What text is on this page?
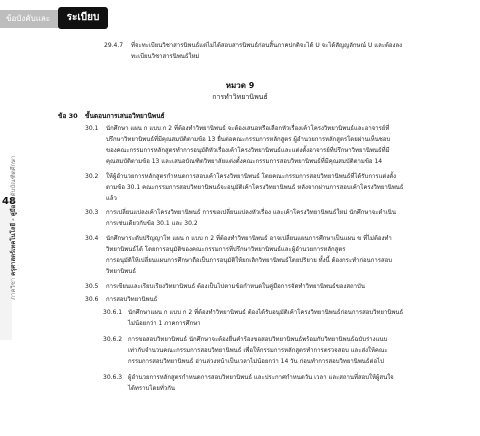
ข้อบังคับและ	ระเบียบ
48
ภาควิชา ครุศาสตร์เทคโนโลยี - คู่มือ ระดับบัณฑิตศึกษา
29.4.7 ที่จะทะเบียนวิชาสารนิพนธ์แต่ไม่ได้สอบสารนิพนธ์ก่อนสิ้นภาคปกติจะได้ U จะได้สัญญลักษณ์ U และต้องลง
ทะเบียนวิชาสารนิพนธ์ใหม่
หมวด 9
การทำวิทยานิพนธ์
ข้อ 30 ขั้นตอนการเสนอวิทยานิพนธ์
30.1 นักศึกษา แผน ก แบบ ก 2 ที่ต้องทำวิทยานิพนธ์ จะต้องเสนอหรือเลือกหัวเรื่องเค้าโครงวิทยานิพนธ์และอาจารย์ที่
ปรึกษาวิทยานิพนธ์ที่มีคุณสมบัติตามข้อ 13 ยื่นต่อคณะกรรมการหลักสูตร ผู้อำนวยการหลักสูตรโดยผ่านเห็นชอบ
ของคณะกรรมการหลักสูตรทำการอนุมัติหัวเรื่องเค้าโครงวิทยานิพนธ์และแต่งตั้งอาจารย์ที่ปรึกษาวิทยานิพนธ์ที่มี
คุณสมบัติตามข้อ 13 และเสนอบัณฑิตวิทยาลัยแต่งตั้งคณะกรรมการสอบวิทยานิพนธ์ที่มีคุณสมบัติตามข้อ 14
30.2 ให้ผู้อำนวยการหลักสูตรกำหนดการสอบเค้าโครงวิทยานิพนธ์ โดยคณะกรรมการสอบวิทยานิพนธ์ที่ได้รับการแต่งตั้ง
ตามข้อ 30.1 คณะกรรมการสอบวิทยานิพนธ์จะอนุมัติเค้าโครงวิทยานิพนธ์ หลังจากผ่านการสอบเค้าโครงวิทยานิพนธ์
แล้ว
30.3 การเปลี่ยนแปลงเค้าโครงวิทยานิพนธ์ การขอเปลี่ยนแปลงหัวเรื่อง และเค้าโครงวิทยานิพนธ์ใหม่ นักศึกษาจะดำเนิน
การเช่นเดียวกับข้อ 30.1 และ 30.2
30.4 นักศึกษาระดับปริญญาโท แผน ก แบบ ก 2 ที่ต้องทำวิทยานิพนธ์ อาจเปลี่ยนแผนการศึกษาเป็นแผน ข ที่ไม่ต้องทำ
วิทยานิพนธ์ได้ โดยการอนุมัติของคณะกรรมการที่ปรึกษาวิทยานิพนธ์และผู้อำนวยการหลักสูตร
การอนุมัติให้เปลี่ยนแผนการศึกษาถือเป็นการอนุมัติให้ยกเลิกวิทยานิพนธ์โดยปริยาย ทั้งนี้ ต้องกระทำก่อนการสอบ
วิทยานิพนธ์
30.5 การเขียนและเรียบเรียงวิทยานิพนธ์ ต้องเป็นไปตามข้อกำหนดในคู่มือการจัดทำวิทยานิพนธ์ของสถาบัน
30.6 การสอบวิทยานิพนธ์
30.6.1 นักศึกษาแผน ก แบบ ก 2 ที่ต้องทำวิทยานิพนธ์ ต้องได้รับอนุมัติเค้าโครงวิทยานิพนธ์ก่อนการสอบวิทยานิพนธ์
ไม่น้อยกว่า 1 ภาคการศึกษา
30.6.2 การขอสอบวิทยานิพนธ์ นักศึกษาจะต้องยื่นคำร้องขอสอบวิทยานิพนธ์พร้อมกับวิทยานิพนธ์ฉบับร่างแนบ
เท่ากับจำนวนคณะกรรมการสอบวิทยานิพนธ์ เพื่อให้กรรมการหลักสูตรทำการตรวจสอบ และส่งให้คณะ
กรรมการสอบวิทยานิพนธ์ อ่านล่วงหน้าเป็นเวลาไม่น้อยกว่า 14 วัน ก่อนทำการสอบวิทยานิพนธ์ต่อไป
30.6.3 ผู้อำนวยการหลักสูตรกำหนดการสอบวิทยานิพนธ์ และประกาศกำหนดวัน เวลา และสถานที่สอบให้ผู้สนใจ
ได้ทราบโดยทั่วกัน
